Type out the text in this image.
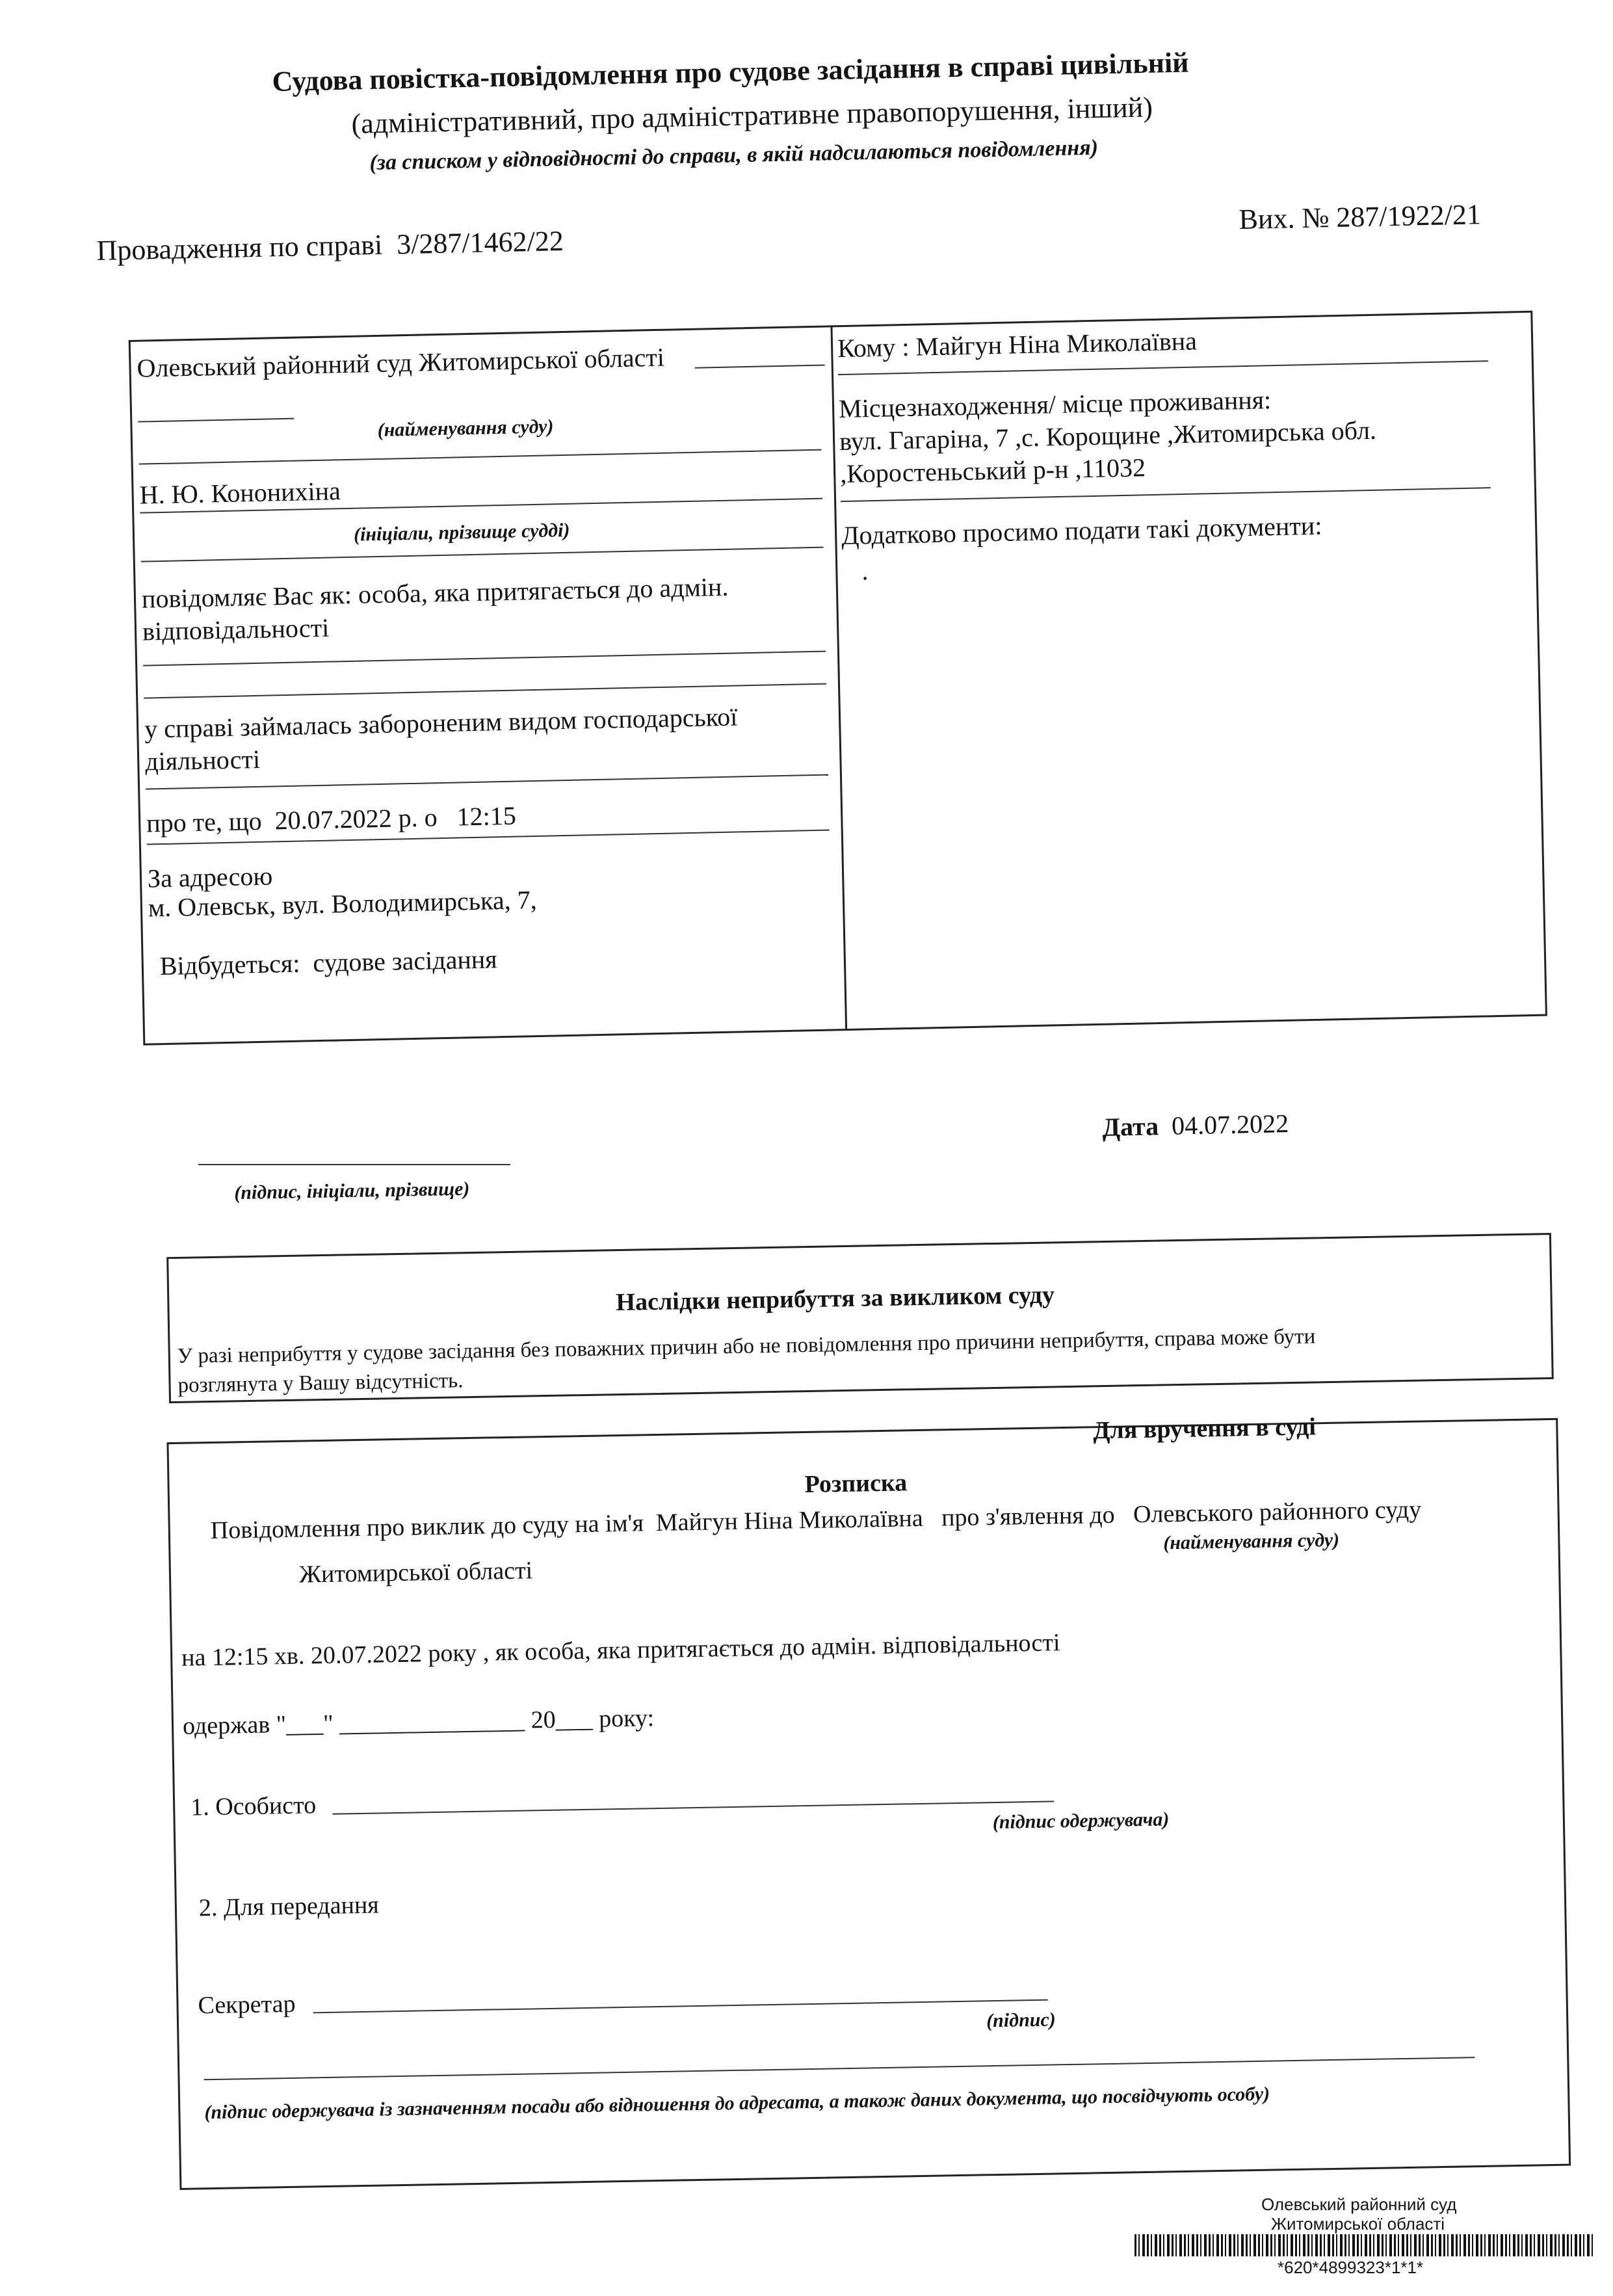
Судова повістка-повідомлення про судове засідання в справі цивільній
(адміністративний, про адміністративне правопорушення, інший)
(за списком у відповідності до справи, в якій надсилаються повідомлення)
Вих. № 287/1922/21
Провадження по справі 3/287/1462/22
Олевський районний суд Житомирської області
(найменування суду)
Н. Ю. Кононихіна
(ініціали, прізвище судді)
повідомляє Вас як: особа, яка притягається до адмін.
відповідальності
у справі займалась забороненим видом господарської
діяльності
про те, що 20.07.2022 р. о 12:15
За адресою
м. Олевськ, вул. Володимирська, 7,
Відбудеться: судове засідання
Кому : Майгун Ніна Миколаївна
Місцезнаходження/ місце проживання:
вул. Гагаріна, 7 ,с. Корощине ,Житомирська обл.
,Коростеньський р-н ,11032
Додатково просимо подати такі документи:
.
Дата 04.07.2022
(підпис, ініціали, прізвище)
Наслідки неприбуття за викликом суду
У разі неприбуття у судове засідання без поважних причин або не повідомлення про причини неприбуття, справа може бути
розглянута у Вашу відсутність.
Для вручення в суді
Розписка
Повідомлення про виклик до суду на ім'я Майгун Ніна Миколаївна про з'явлення до Олевського районного суду
(найменування суду)
Житомирської області
на 12:15 хв. 20.07.2022 року , як особа, яка притягається до адмін. відповідальності
одержав "___" _______________ 20___ року:
1. Особисто	(підпис одержувача)
2. Для передання
Секретар
(підпис)
(підпис одержувача із зазначенням посади або відношення до адресата, а також даних документа, що посвідчують особу)
Олевський районний суд
Житомирської області
*620*4899323*1*1*
